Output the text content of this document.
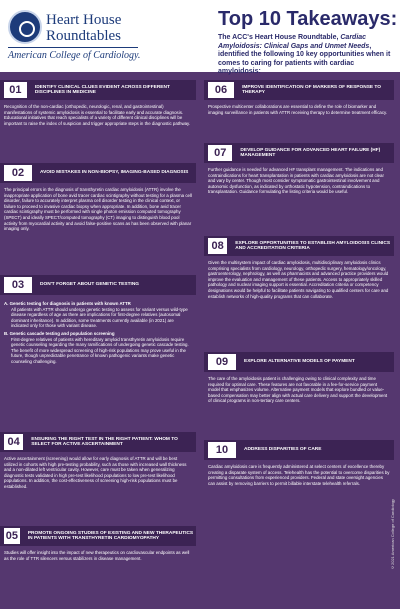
Heart House
Roundtables
American College of Cardiology.
Top 10 Takeaways:
The ACC's Heart House Roundtable, Cardiac Amyloidosis: Clinical Gaps and Unmet Needs, identified the following 10 key opportunities when it comes to caring for patients with cardiac amyloidosis:
01	IDENTIFY CLINICAL CLUES EVIDENT ACROSS DIFFERENT DISCIPLINES IN MEDICINE
Recognition of the non-cardiac (orthopedic, neurologic, renal, and gastrointestinal) manifestations of systemic amyloidosis is essential to facilitate early and accurate diagnosis. Educational initiatives that reach specialists of a variety of different clinical disciplines will be important to raise the index of suspicion and trigger appropriate steps in the diagnostic pathway.
02	AVOID MISTAKES IN NON-BIOPSY, IMAGING-BASED DIAGNOSIS
The principal errors in the diagnosis of transthyretin cardiac amyloidosis (ATTR) involve the inappropriate application of bone avid tracer cardiac scintigraphy without testing for a plasma cell disorder, failure to accurately interpret plasma cell disorder testing in the clinical context, or failure to proceed to invasive cardiac biopsy when appropriate. In addition, bone avid tracer cardiac scintigraphy must be performed with single photon emission computed tomography (SPECT) and ideally SPECT/computed tomography (CT) imaging to distinguish blood pool activity from myocardial activity and avoid false-positive scans as has been observed with planar imaging only.
03	DON'T FORGET ABOUT GENETIC TESTING
A. Genetic testing for diagnosis in patients with known ATTR
All patients with ATTR should undergo genetic testing to assess for variant versus wild-type disease regardless of age as there are implications for first-degree relatives (autosomal dominant inheritance). In addition, some treatments currently available (in 2021) are indicated only for those with variant disease.
B. Genetic cascade testing and population screening
First-degree relatives of patients with hereditary amyloid transthyretin amyloidosis require genetic counseling regarding the many ramifications of undergoing genetic cascade testing. The benefit of more widespread screening of high-risk populations may prove useful in the future, though unpredictable penetrance of known pathogenic variants make genetic counseling challenging.
04	ENSURING THE RIGHT TEST IN THE RIGHT PATIENT: WHOM TO SELECT FOR ACTIVE ASCERTAINMENT
Active ascertainment (screening) would allow for early diagnosis of ATTR and will be best utilized in cohorts with high pre-testing probability, such as those with increased wall thickness and a non-dilated left ventricular cavity. However, care must be taken when generalizing diagnostic tests validated in high pre-test likelihood populations to low pre-test likelihood populations. In addition, the cost-effectiveness of screening high-risk populations must be established.
05	PROMOTE ONGOING STUDIES OF EXISTING AND NEW THERAPEUTICS IN PATIENTS WITH TRANSTHYRETIN CARDIOMYOPATHY
Studies will offer insight into the impact of new therapeutics on cardiovascular endpoints as well as the role of TTR silencers versus stabilizers in disease management.
06	IMPROVE IDENTIFICATION OF MARKERS OF RESPONSE TO THERAPY
Prospective multicenter collaborations are essential to define the role of biomarker and imaging surveillance in patients with ATTR receiving therapy to determine treatment efficacy.
07	DEVELOP GUIDANCE FOR ADVANCED HEART FAILURE (HF) MANAGEMENT
Further guidance is needed for advanced HF transplant management. The indications and contraindications for heart transplantation in patients with cardiac amyloidosis are not clear and vary by center. Though most consider symptomatic gastrointestinal involvement and autonomic dysfunction, as indicated by orthostatic hypotension, contraindications to transplantation. Guidance formulating the listing criteria would be useful.
08	EXPLORE OPPORTUNITIES TO ESTABLISH AMYLOIDOSIS CLINICS AND ACCREDITATION CRITERIA
Given the multisystem impact of cardiac amyloidosis, multidisciplinary amyloidosis clinics comprising specialists from cardiology, neurology, orthopedic surgery, hematology/oncology, gastroenterology, nephrology, as well as pharmacists and advanced practice providers would improve the evaluation and management of these patients. Access to appropriately skilled pathology and nuclear imaging support is essential. Accreditation criteria or competency designations would be helpful to facilitate patients navigating to qualified centers for care and establish networks of high-quality programs that can collaborate.
09	EXPLORE ALTERNATIVE MODELS OF PAYMENT
The care of the amyloidosis patient is challenging owing to clinical complexity and time required for optimal care. These features are not favorable in a fee-for-service payment model that emphasizes volume. Alternative payment models that explore bundled or value-based compensation may better align with actual care delivery and support the development of clinical programs in non-tertiary care centers.
10	ADDRESS DISPARITIES OF CARE
Cardiac amyloidosis care is frequently administered at select centers of excellence thereby creating a disparate system of access. Telehealth has the potential to overcome disparities by permitting consultations from experienced providers. Federal and state oversight agencies can assist by removing barriers to permit billable interstate telehealth referrals.
©2021 American College of Cardiology
